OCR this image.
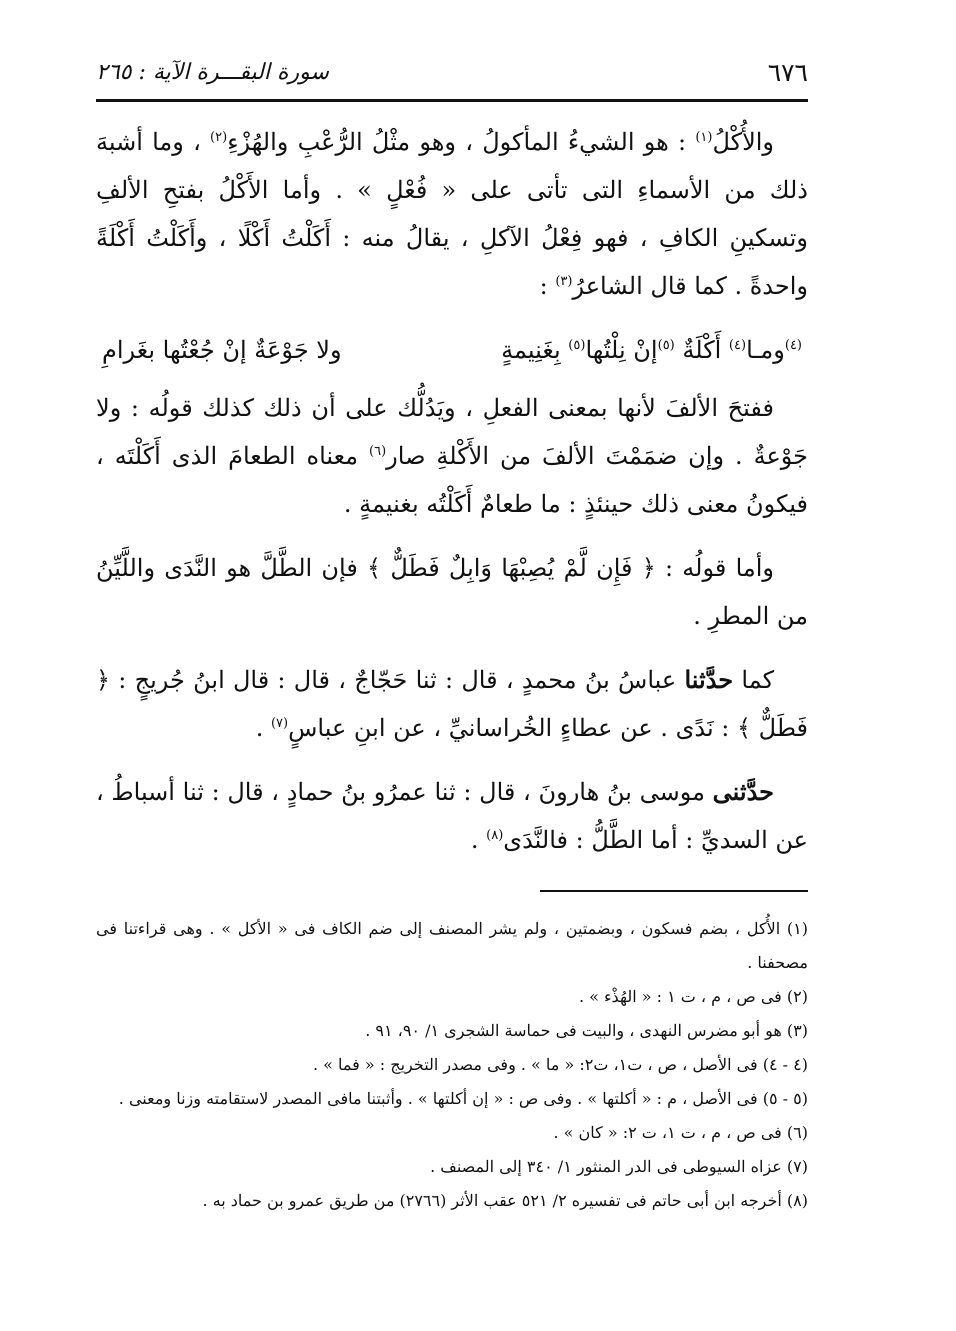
٦٧٦
سورة البقـــرة الآية : ٢٦٥

والأُكْلُ$^{(١)}$ : هو الشيءُ المأكولُ ، وهو مثْلُ الرُّعْبِ والهُزْءِ$^{(٢)}$ ، وما أشبهَ ذلك من الأسماءِ التى تأتى على « فُعْلٍ » . وأما الأَكْلُ بفتحِ الألفِ وتسكينِ الكافِ ، فهو فِعْلُ الآكلِ ، يقالُ منه : أَكَلْتُ أَكْلًا ، وأَكَلْتُ أَكْلَةً واحدةً . كما قال الشاعرُ$^{(٣)}$ :

$^{(٤)}$ومـا$^{(٤)}$ أَكْلَةٌ $^{(٥)}$إنْ نِلْتُها$^{(٥)}$ بِغَنِيمةٍ
ولا جَوْعَةٌ إنْ جُعْتُها بغَرامِ

ففتحَ الألفَ لأنها بمعنى الفعلِ ، ويَدُلُّك على أن ذلك كذلك قولُه : ولا جَوْعةٌ . وإن ضمَمْتَ الألفَ من الأَكْلةِ صار$^{(٦)}$ معناه الطعامَ الذى أَكَلْتَه ، فيكونُ معنى ذلك حينئذٍ : ما طعامٌ أَكَلْتُه بغنيمةٍ .

وأما قولُه : ﴿ فَإِن لَّمْ يُصِبْهَا وَابِلٌ فَطَلٌّ ﴾ فإن الطَّلَّ هو النَّدَى واللَّيِّنُ من المطرِ .

كما حدَّثنا عباسُ بنُ محمدٍ ، قال : ثنا حَجّاجٌ ، قال : قال ابنُ جُريجٍ : ﴿ فَطَلٌّ ﴾ : نَدًى . عن عطاءٍ الخُراسانيِّ ، عن ابنِ عباسٍ$^{(٧)}$ .

حدَّثنى موسى بنُ هارونَ ، قال : ثنا عمرُو بنُ حمادٍ ، قال : ثنا أسباطُ ، عن السديِّ : أما الطَّلُّ : فالنَّدَى$^{(٨)}$ .

(١) الأُكل ، بضم فسكون ، وبضمتين ، ولم يشر المصنف إلى ضم الكاف فى « الأكل » . وهى قراءتنا فى مصحفنا .

(٢) فى ص ، م ، ت ١ : « الهُذْء » .

(٣) هو أبو مضرس النهدى ، والبيت فى حماسة الشجرى ١/ ٩٠، ٩١ .

(٤ - ٤) فى الأصل ، ص ، ت١، ت٢: « ما » . وفى مصدر التخريج : « فما » .

(٥ - ٥) فى الأصل ، م : « أكلتها » . وفى ص : « إن أكلتها » . وأثبتنا مافى المصدر لاستقامته وزنا ومعنى .

(٦) فى ص ، م ، ت ١، ت ٢: « كان » .

(٧) عزاه السيوطى فى الدر المنثور ١/ ٣٤٠ إلى المصنف .

(٨) أخرجه ابن أبى حاتم فى تفسيره ٢/ ٥٢١ عقب الأثر (٢٧٦٦) من طريق عمرو بن حماد به .
